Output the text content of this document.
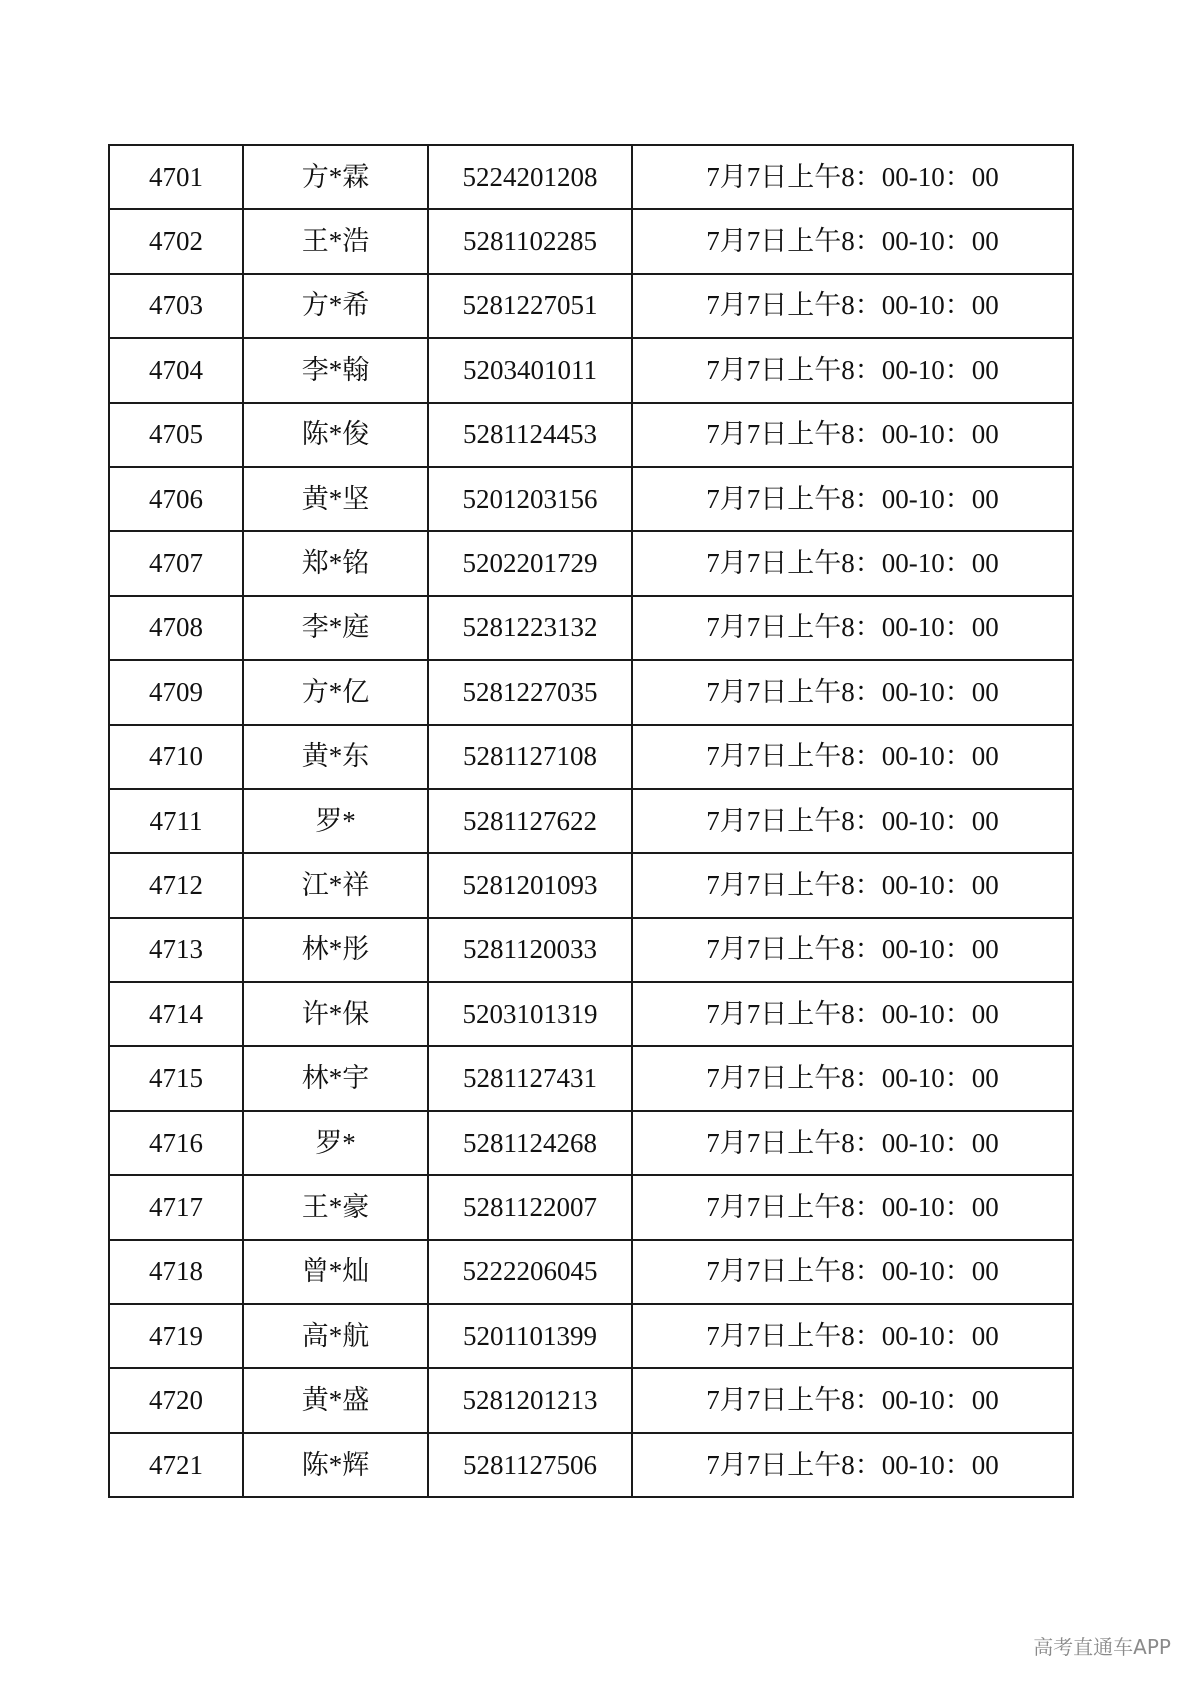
4701	方*霖	5224201208	7月7日上午8：00-10：00
4702	王*浩	5281102285	7月7日上午8：00-10：00
4703	方*希	5281227051	7月7日上午8：00-10：00
4704	李*翰	5203401011	7月7日上午8：00-10：00
4705	陈*俊	5281124453	7月7日上午8：00-10：00
4706	黄*坚	5201203156	7月7日上午8：00-10：00
4707	郑*铭	5202201729	7月7日上午8：00-10：00
4708	李*庭	5281223132	7月7日上午8：00-10：00
4709	方*亿	5281227035	7月7日上午8：00-10：00
4710	黄*东	5281127108	7月7日上午8：00-10：00
4711	罗*	5281127622	7月7日上午8：00-10：00
4712	江*祥	5281201093	7月7日上午8：00-10：00
4713	林*彤	5281120033	7月7日上午8：00-10：00
4714	许*保	5203101319	7月7日上午8：00-10：00
4715	林*宇	5281127431	7月7日上午8：00-10：00
4716	罗*	5281124268	7月7日上午8：00-10：00
4717	王*豪	5281122007	7月7日上午8：00-10：00
4718	曾*灿	5222206045	7月7日上午8：00-10：00
4719	高*航	5201101399	7月7日上午8：00-10：00
4720	黄*盛	5281201213	7月7日上午8：00-10：00
4721	陈*辉	5281127506	7月7日上午8：00-10：00
高考直通车APP
